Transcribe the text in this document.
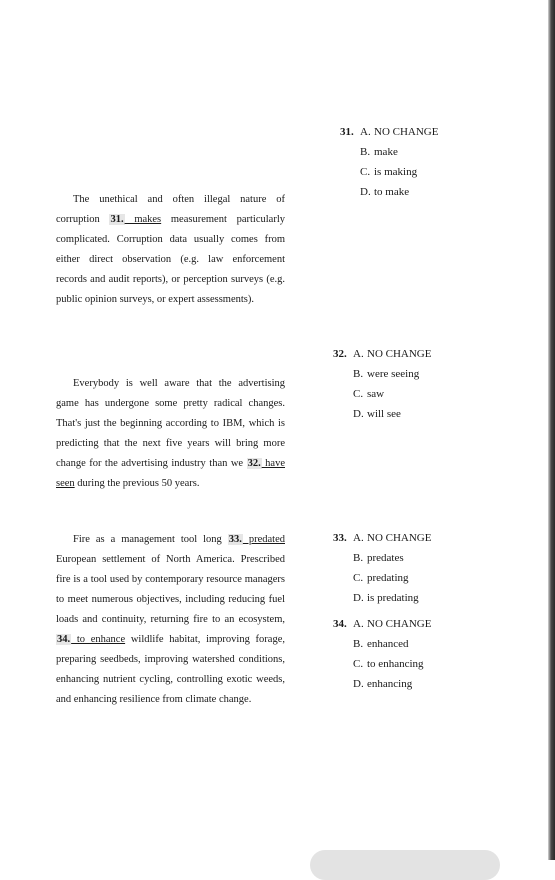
The unethical and often illegal nature of corruption 31. makes measurement particularly complicated. Corruption data usually comes from either direct observation (e.g. law enforcement records and audit reports), or perception surveys (e.g. public opinion surveys, or expert assessments).
Everybody is well aware that the advertising game has undergone some pretty radical changes. That's just the beginning according to IBM, which is predicting that the next five years will bring more change for the advertising industry than we 32. have seen during the previous 50 years.
Fire as a management tool long 33. predated European settlement of North America. Prescribed fire is a tool used by contemporary resource managers to meet numerous objectives, including reducing fuel loads and continuity, returning fire to an ecosystem, 34. to enhance wildlife habitat, improving forage, preparing seedbeds, improving watershed conditions, enhancing nutrient cycling, controlling exotic weeds, and enhancing resilience from climate change.
31. A. NO CHANGE
B. make
C. is making
D. to make
32. A. NO CHANGE
B. were seeing
C. saw
D. will see
33. A. NO CHANGE
B. predates
C. predating
D. is predating
34. A. NO CHANGE
B. enhanced
C. to enhancing
D. enhancing
